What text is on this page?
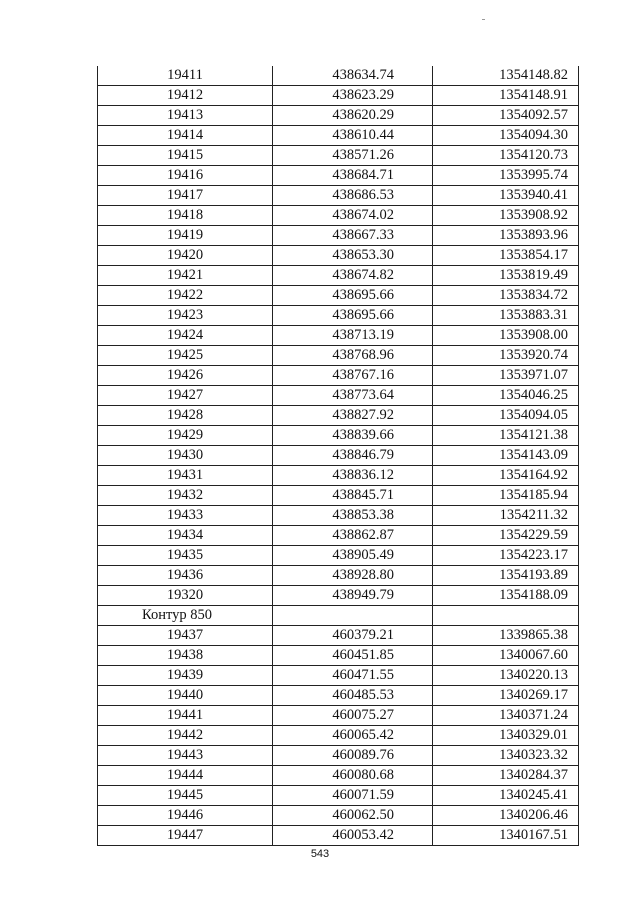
19411	438634.74	1354148.82
19412	438623.29	1354148.91
19413	438620.29	1354092.57
19414	438610.44	1354094.30
19415	438571.26	1354120.73
19416	438684.71	1353995.74
19417	438686.53	1353940.41
19418	438674.02	1353908.92
19419	438667.33	1353893.96
19420	438653.30	1353854.17
19421	438674.82	1353819.49
19422	438695.66	1353834.72
19423	438695.66	1353883.31
19424	438713.19	1353908.00
19425	438768.96	1353920.74
19426	438767.16	1353971.07
19427	438773.64	1354046.25
19428	438827.92	1354094.05
19429	438839.66	1354121.38
19430	438846.79	1354143.09
19431	438836.12	1354164.92
19432	438845.71	1354185.94
19433	438853.38	1354211.32
19434	438862.87	1354229.59
19435	438905.49	1354223.17
19436	438928.80	1354193.89
19320	438949.79	1354188.09
Контур 850		
19437	460379.21	1339865.38
19438	460451.85	1340067.60
19439	460471.55	1340220.13
19440	460485.53	1340269.17
19441	460075.27	1340371.24
19442	460065.42	1340329.01
19443	460089.76	1340323.32
19444	460080.68	1340284.37
19445	460071.59	1340245.41
19446	460062.50	1340206.46
19447	460053.42	1340167.51
543
